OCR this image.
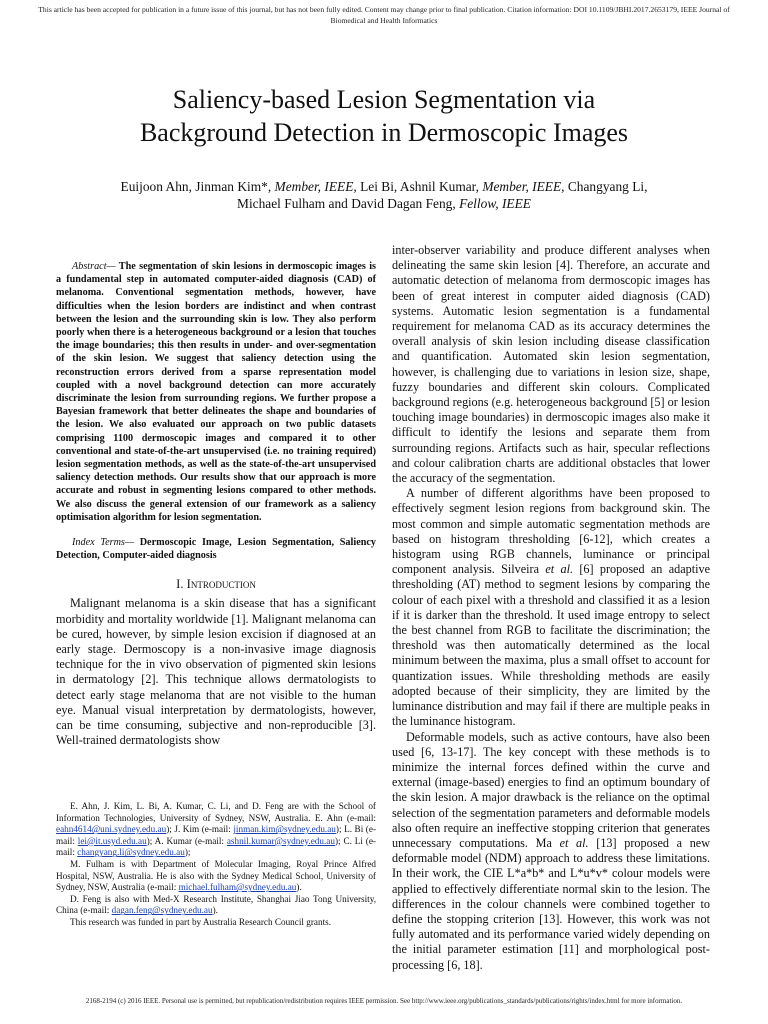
This article has been accepted for publication in a future issue of this journal, but has not been fully edited. Content may change prior to final publication. Citation information: DOI 10.1109/JBHI.2017.2653179, IEEE Journal of Biomedical and Health Informatics
Saliency-based Lesion Segmentation via
Background Detection in Dermoscopic Images
Euijoon Ahn, Jinman Kim*, Member, IEEE, Lei Bi, Ashnil Kumar, Member, IEEE, Changyang Li,
Michael Fulham and David Dagan Feng, Fellow, IEEE

Abstract— The segmentation of skin lesions in dermoscopic images is a fundamental step in automated computer-aided diagnosis (CAD) of melanoma. Conventional segmentation methods, however, have difficulties when the lesion borders are indistinct and when contrast between the lesion and the surrounding skin is low. They also perform poorly when there is a heterogeneous background or a lesion that touches the image boundaries; this then results in under- and over-segmentation of the skin lesion. We suggest that saliency detection using the reconstruction errors derived from a sparse representation model coupled with a novel background detection can more accurately discriminate the lesion from surrounding regions. We further propose a Bayesian framework that better delineates the shape and boundaries of the lesion. We also evaluated our approach on two public datasets comprising 1100 dermoscopic images and compared it to other conventional and state-of-the-art unsupervised (i.e. no training required) lesion segmentation methods, as well as the state-of-the-art unsupervised saliency detection methods. Our results show that our approach is more accurate and robust in segmenting lesions compared to other methods. We also discuss the general extension of our framework as a saliency optimisation algorithm for lesion segmentation.

Index Terms— Dermoscopic Image, Lesion Segmentation, Saliency Detection, Computer-aided diagnosis

I. Introduction

Malignant melanoma is a skin disease that has a significant morbidity and mortality worldwide [1]. Malignant melanoma can be cured, however, by simple lesion excision if diagnosed at an early stage. Dermoscopy is a non-invasive image diagnosis technique for the in vivo observation of pigmented skin lesions in dermatology [2]. This technique allows dermatologists to detect early stage melanoma that are not visible to the human eye. Manual visual interpretation by dermatologists, however, can be time consuming, subjective and non-reproducible [3]. Well-trained dermatologists show

E. Ahn, J. Kim, L. Bi, A. Kumar, C. Li, and D. Feng are with the School of Information Technologies, University of Sydney, NSW, Australia. E. Ahn (e-mail: eahn4614@uni.sydney.edu.au); J. Kim (e-mail: jinman.kim@sydney.edu.au); L. Bi (e-mail: lei@it.usyd.edu.au); A. Kumar (e-mail: ashnil.kumar@sydney.edu.au); C. Li (e-mail: changyang.li@sydney.edu.au);

M. Fulham is with Department of Molecular Imaging, Royal Prince Alfred Hospital, NSW, Australia. He is also with the Sydney Medical School, University of Sydney, NSW, Australia (e-mail: michael.fulham@sydney.edu.au).

D. Feng is also with Med-X Research Institute, Shanghai Jiao Tong University, China (e-mail: dagan.feng@sydney.edu.au).

This research was funded in part by Australia Research Council grants.

inter-observer variability and produce different analyses when delineating the same skin lesion [4]. Therefore, an accurate and automatic detection of melanoma from dermoscopic images has been of great interest in computer aided diagnosis (CAD) systems. Automatic lesion segmentation is a fundamental requirement for melanoma CAD as its accuracy determines the overall analysis of skin lesion including disease classification and quantification. Automated skin lesion segmentation, however, is challenging due to variations in lesion size, shape, fuzzy boundaries and different skin colours. Complicated background regions (e.g. heterogeneous background [5] or lesion touching image boundaries) in dermoscopic images also make it difficult to identify the lesions and separate them from surrounding regions. Artifacts such as hair, specular reflections and colour calibration charts are additional obstacles that lower the accuracy of the segmentation.

A number of different algorithms have been proposed to effectively segment lesion regions from background skin. The most common and simple automatic segmentation methods are based on histogram thresholding [6-12], which creates a histogram using RGB channels, luminance or principal component analysis. Silveira et al. [6] proposed an adaptive thresholding (AT) method to segment lesions by comparing the colour of each pixel with a threshold and classified it as a lesion if it is darker than the threshold. It used image entropy to select the best channel from RGB to facilitate the discrimination; the threshold was then automatically determined as the local minimum between the maxima, plus a small offset to account for quantization issues. While thresholding methods are easily adopted because of their simplicity, they are limited by the luminance distribution and may fail if there are multiple peaks in the luminance histogram.

Deformable models, such as active contours, have also been used [6, 13-17]. The key concept with these methods is to minimize the internal forces defined within the curve and external (image-based) energies to find an optimum boundary of the skin lesion. A major drawback is the reliance on the optimal selection of the segmentation parameters and deformable models also often require an ineffective stopping criterion that generates unnecessary computations. Ma et al. [13] proposed a new deformable model (NDM) approach to address these limitations. In their work, the CIE L*a*b* and L*u*v* colour models were applied to effectively differentiate normal skin to the lesion. The differences in the colour channels were combined together to define the stopping criterion [13]. However, this work was not fully automated and its performance varied widely depending on the initial parameter estimation [11] and morphological post-processing [6, 18].

2168-2194 (c) 2016 IEEE. Personal use is permitted, but republication/redistribution requires IEEE permission. See http://www.ieee.org/publications_standards/publications/rights/index.html for more information.
